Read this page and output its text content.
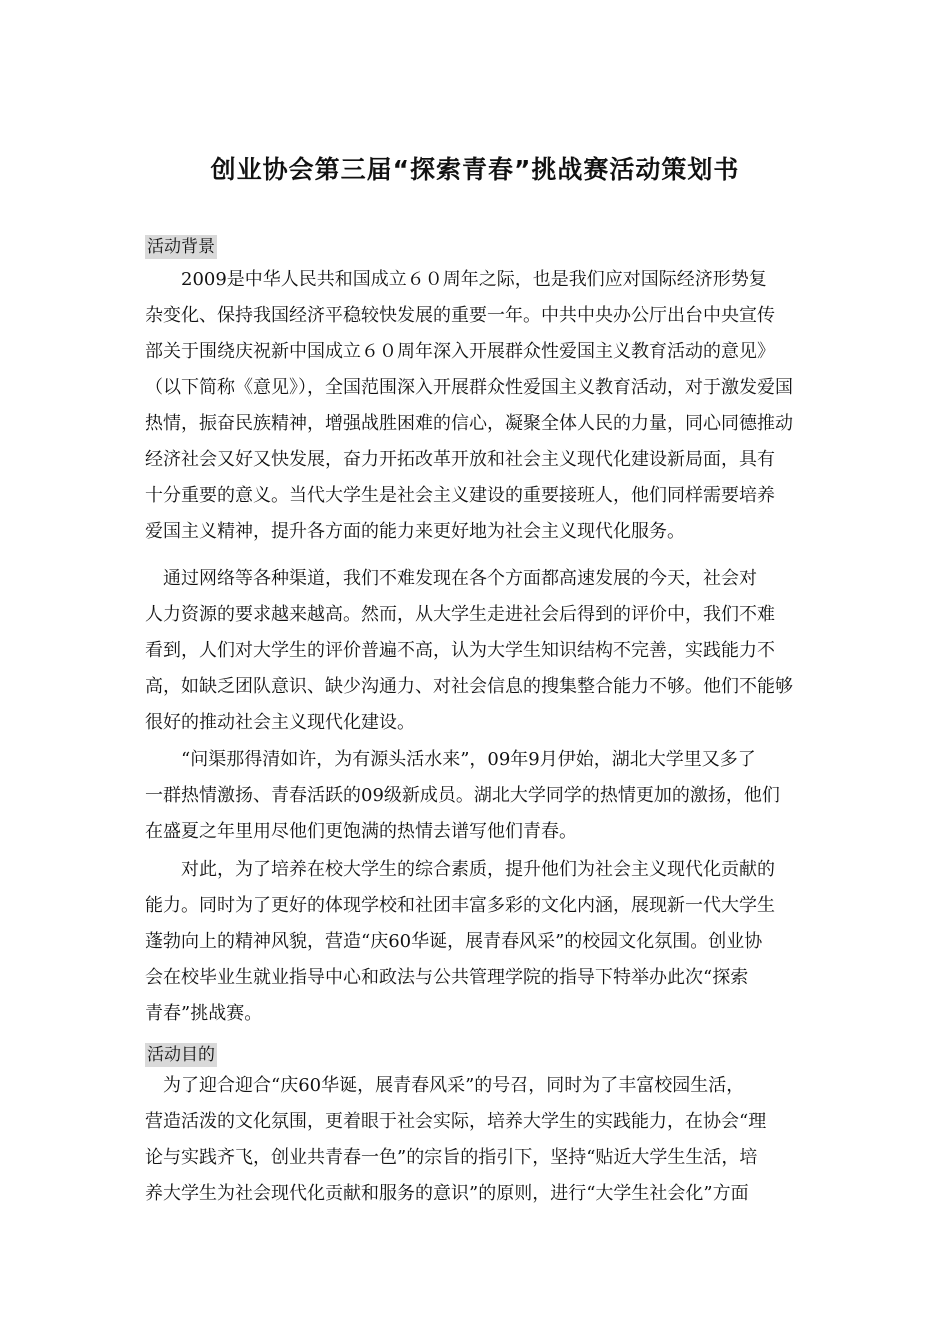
创业协会第三届“探索青春”挑战赛活动策划书
活动背景
　　2009是中华人民共和国成立６０周年之际，也是我们应对国际经济形势复
杂变化、保持我国经济平稳较快发展的重要一年。中共中央办公厅出台中央宣传
部关于围绕庆祝新中国成立６０周年深入开展群众性爱国主义教育活动的意见》
（以下简称《意见》），全国范围深入开展群众性爱国主义教育活动，对于激发爱国
热情，振奋民族精神，增强战胜困难的信心，凝聚全体人民的力量，同心同德推动
经济社会又好又快发展，奋力开拓改革开放和社会主义现代化建设新局面，具有
十分重要的意义。当代大学生是社会主义建设的重要接班人，他们同样需要培养
爱国主义精神，提升各方面的能力来更好地为社会主义现代化服务。
　通过网络等各种渠道，我们不难发现在各个方面都高速发展的今天，社会对
人力资源的要求越来越高。然而，从大学生走进社会后得到的评价中，我们不难
看到，人们对大学生的评价普遍不高，认为大学生知识结构不完善，实践能力不
高，如缺乏团队意识、缺少沟通力、对社会信息的搜集整合能力不够。他们不能够
很好的推动社会主义现代化建设。
　　“问渠那得清如许，为有源头活水来”，09年9月伊始，湖北大学里又多了
一群热情激扬、青春活跃的09级新成员。湖北大学同学的热情更加的激扬，他们
在盛夏之年里用尽他们更饱满的热情去谱写他们青春。
　　对此，为了培养在校大学生的综合素质，提升他们为社会主义现代化贡献的
能力。同时为了更好的体现学校和社团丰富多彩的文化内涵，展现新一代大学生
蓬勃向上的精神风貌，营造“庆60华诞，展青春风采”的校园文化氛围。创业协
会在校毕业生就业指导中心和政法与公共管理学院的指导下特举办此次“探索
青春”挑战赛。
活动目的
　为了迎合迎合“庆60华诞，展青春风采”的号召，同时为了丰富校园生活，
营造活泼的文化氛围，更着眼于社会实际，培养大学生的实践能力，在协会“理
论与实践齐飞，创业共青春一色”的宗旨的指引下，坚持“贴近大学生生活，培
养大学生为社会现代化贡献和服务的意识”的原则，进行“大学生社会化”方面
